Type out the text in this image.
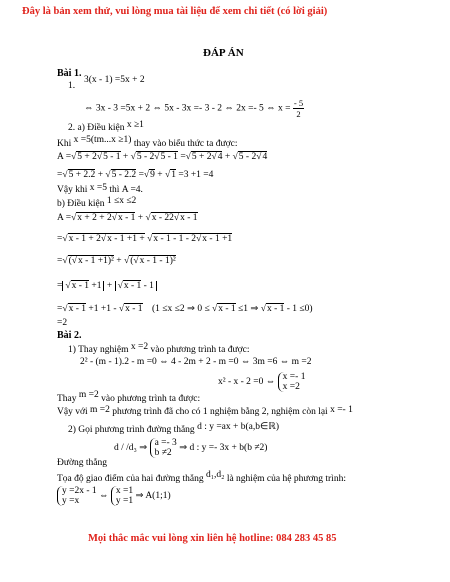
Đây là bản xem thử, vui lòng mua tài liệu để xem chi tiết (có lời giải)
ĐÁP ÁN
Bài 1.
1.
3(x - 1) =5x + 2
⇔ 3x - 3 =5x + 2 ⇔ 5x - 3x =- 3 - 2 ⇔ 2x =- 5 ⇔ $x = \frac{- 5}{2}$
2. a) Điều kiện x ≥1
Khi x =5(tm...x ≥1) thay vào biểu thức ta được:
A =√5 + 2√5 - 1 + √5 - 2√5 - 1 =√5 + 2√4 + √5 - 2√4
=√5 + 2.2 + √5 - 2.2 =√9 + √1 =3 +1 =4
Vậy khi x =5 thì A =4.
b) Điều kiện 1 ≤x ≤2
A =√x + 2 + 2√x - 1 + √x - 22√x - 1
=√x - 1 + 2√x - 1 +1 + √x - 1 - 1 - 2√x - 1 +1
=√(√x - 1 +1)² + √(√x - 1 - 1)²
= √x - 1 +1 + √x - 1 - 1
=√x - 1 +1 +1 - √x - 1 (1 ≤x ≤2 ⇒ 0 ≤ √x - 1 ≤1 ⇒ √x - 1 - 1 ≤0)
=2
Bài 2.
1) Thay nghiệm x =2 vào phương trình ta được:
2² - (m - 1).2 - m =0 ⇔ 4 - 2m + 2 - m =0 ⇔ 3m =6 ⇔ m =2
x² - x - 2 =0 ⇔
x =- 1
x =2
Thay m =2 vào phương trình ta được:
Vậy với m =2 phương trình đã cho có 1 nghiệm bằng 2, nghiệm còn lại x =- 1
2) Gọi phương trình đường thẳng d : y =ax + b(a,b∈ℝ)
d / /d₃ ⇒
a =- 3
b ≠2 ⇒ d : y =- 3x + b(b ≠2)
Đường thẳng
Tọa độ giao điểm của hai đường thẳng d₁,d₂ là nghiệm của hệ phương trình:
y =2x - 1
y =x	⇔
x =1
y =1 ⇒ A(1;1)
Mọi thắc mắc vui lòng xin liên hệ hotline: 084 283 45 85
